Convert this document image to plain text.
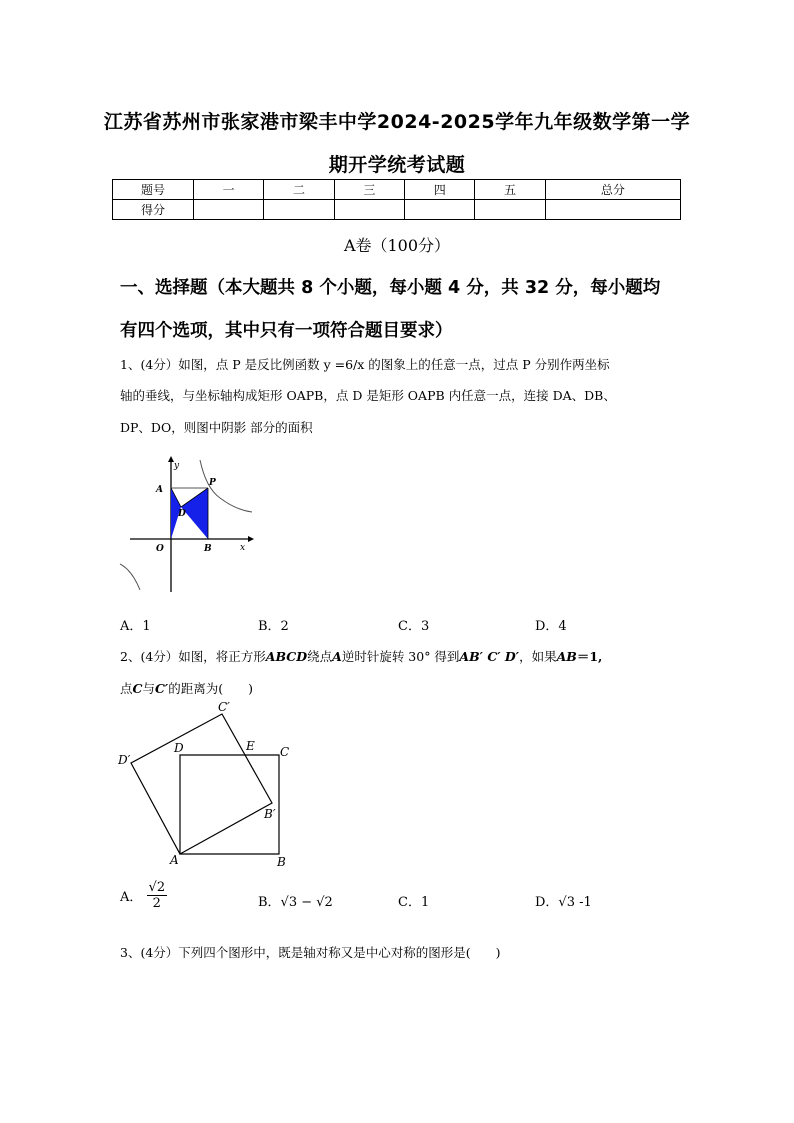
江苏省苏州市张家港市梁丰中学2024-2025学年九年级数学第一学
期开学统考试题
题号	一	二	三	四	五	总分
得分						
A卷（100分）
一、选择题（本大题共 8 个小题，每小题 4 分，共 32 分，每小题均
有四个选项，其中只有一项符合题目要求）
1、(4分）如图，点 P 是反比例函数 y =6/x 的图象上的任意一点，过点 P 分别作两坐标
轴的垂线，与坐标轴构成矩形 OAPB，点 D 是矩形 OAPB 内任意一点，连接 DA、DB、
DP、DO，则图中阴影 部分的面积
y
x
A
P
D
O	B
A．1	B．2	C．3	D．4
2、(4分）如图，将正方形ABCD绕点A逆时针旋转 30° 得到AB′ C′ D′，如果AB＝1,
点C与C′的距离为(　　)
C′
D′
D	E C
B′
A	B
A． $\frac{√2}{2}$	B．√3 − √2	C．1	D．√3 -1
3、(4分）下列四个图形中，既是轴对称又是中心对称的图形是(　　)
